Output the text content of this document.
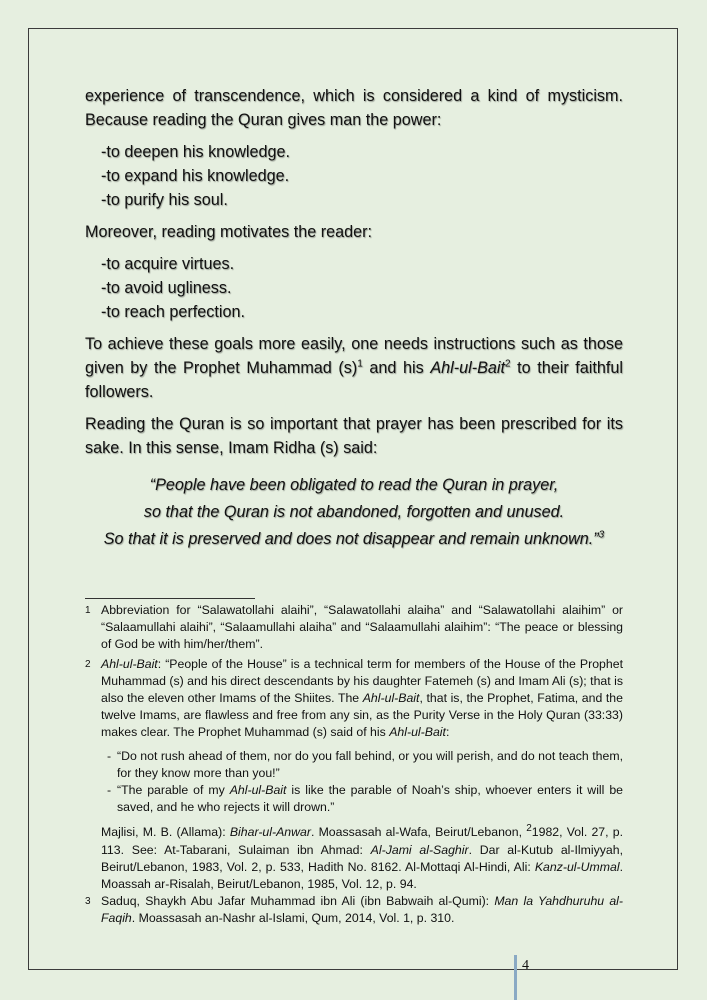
experience of transcendence, which is considered a kind of mysticism. Because reading the Quran gives man the power:

-to deepen his knowledge.
-to expand his knowledge.
-to purify his soul.

Moreover, reading motivates the reader:

-to acquire virtues.
-to avoid ugliness.
-to reach perfection.

To achieve these goals more easily, one needs instructions such as those given by the Prophet Muhammad $(s)^1$ and his Ahl-ul-Bait$^2$ to their faithful followers.

Reading the Quran is so important that prayer has been prescribed for its sake. In this sense, Imam Ridha (s) said:

“People have been obligated to read the Quran in prayer,
so that the Quran is not abandoned, forgotten and unused.
So that it is preserved and does not disappear and remain unknown.”$^3$
1 Abbreviation for “Salawatollahi alaihi”, “Salawatollahi alaiha” and “Salawatollahi alaihim” or “Salaamullahi alaihi”, “Salaamullahi alaiha” and “Salaamullahi alaihim”: “The peace or blessing of God be with him/her/them”.
2 Ahl-ul-Bait: “People of the House” is a technical term for members of the House of the Prophet Muhammad (s) and his direct descendants by his daughter Fatemeh (s) and Imam Ali (s); that is also the eleven other Imams of the Shiites. The Ahl-ul-Bait, that is, the Prophet, Fatima, and the twelve Imams, are flawless and free from any sin, as the Purity Verse in the Holy Quran (33:33) makes clear. The Prophet Muhammad (s) said of his Ahl-ul-Bait:
- “Do not rush ahead of them, nor do you fall behind, or you will perish, and do not teach them, for they know more than you!”
- “The parable of my Ahl-ul-Bait is like the parable of Noah’s ship, whoever enters it will be saved, and he who rejects it will drown.”
Majlisi, M. B. (Allama): Bihar-ul-Anwar. Moassasah al-Wafa, Beirut/Lebanon, $^2$1982, Vol. 27, p. 113. See: At-Tabarani, Sulaiman ibn Ahmad: Al-Jami al-Saghir. Dar al-Kutub al-Ilmiyyah, Beirut/Lebanon, 1983, Vol. 2, p. 533, Hadith No. 8162. Al-Mottaqi Al-Hindi, Ali: Kanz-ul-Ummal. Moassah ar-Risalah, Beirut/Lebanon, 1985, Vol. 12, p. 94.
3 Saduq, Shaykh Abu Jafar Muhammad ibn Ali (ibn Babwaih al-Qumi): Man la Yahdhuruhu al-Faqih. Moassasah an-Nashr al-Islami, Qum, 2014, Vol. 1, p. 310.
4
